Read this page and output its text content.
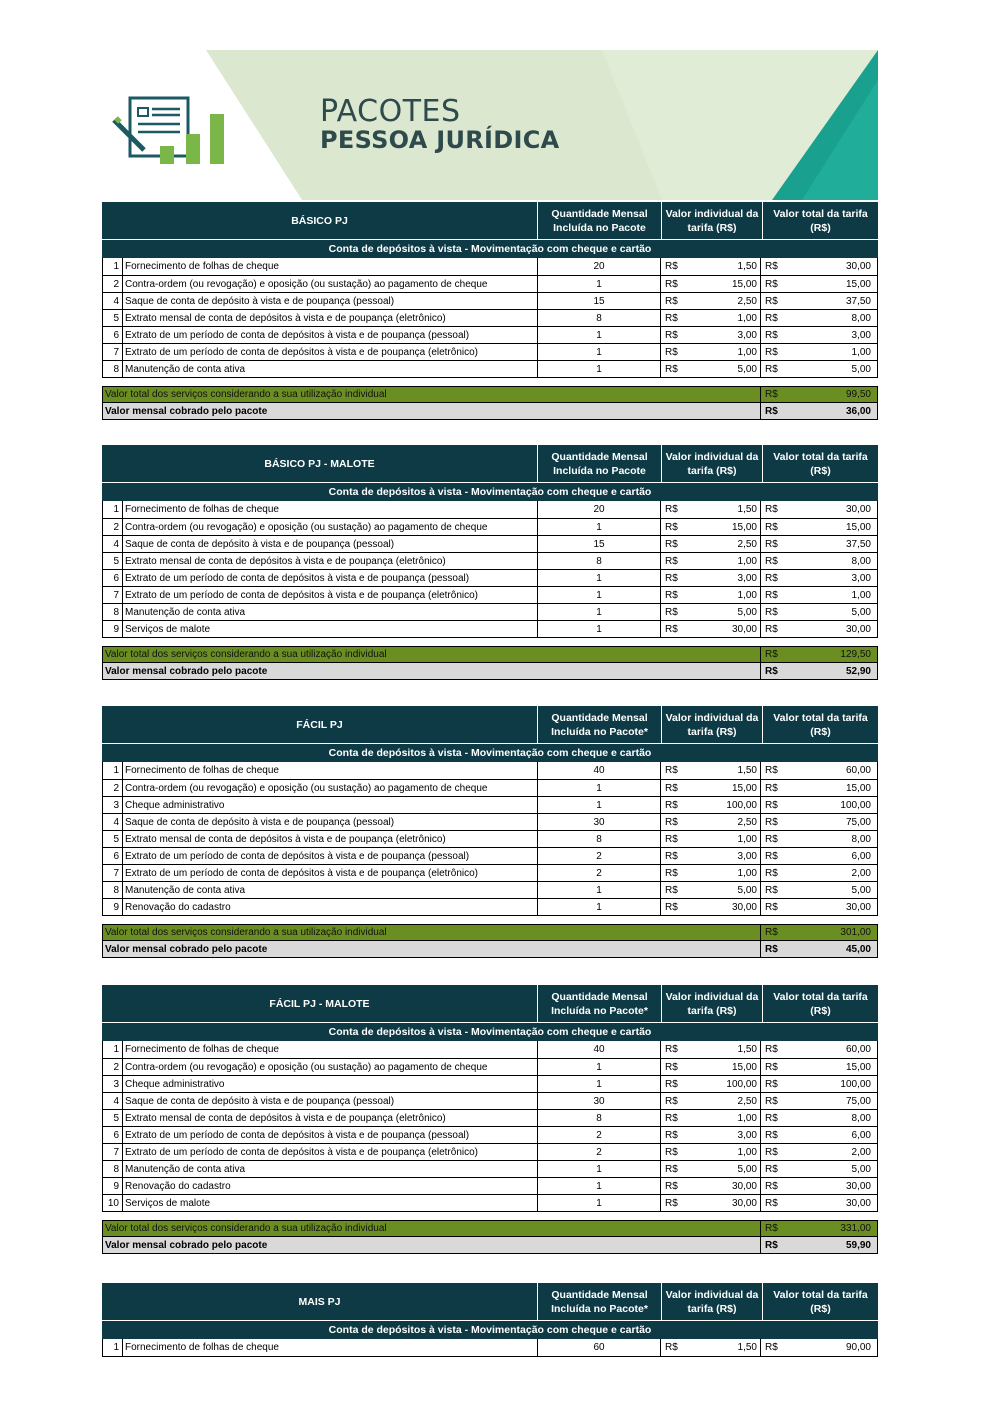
PACOTES
PESSOA JURÍDICA
BÁSICO PJ
Quantidade Mensal Incluída no Pacote
Valor individual da tarifa (R$)
Valor total da tarifa (R$)
Conta de depósitos à vista - Movimentação com cheque e cartão
1 Fornecimento de folhas de cheque	20	R$	1,50 R$	30,00
2 Contra-ordem (ou revogação) e oposição (ou sustação) ao pagamento de cheque	1	R$	15,00 R$	15,00
4 Saque de conta de depósito à vista e de poupança (pessoal)	15	R$	2,50 R$	37,50
5 Extrato mensal de conta de depósitos à vista e de poupança (eletrônico)	8	R$	1,00 R$	8,00
6 Extrato de um período de conta de depósitos à vista e de poupança (pessoal)	1	R$	3,00 R$	3,00
7 Extrato de um período de conta de depósitos à vista e de poupança (eletrônico)	1	R$	1,00 R$	1,00
8 Manutenção de conta ativa	1	R$	5,00 R$	5,00
Valor total dos serviços considerando a sua utilização individual	R$	99,50
Valor mensal cobrado pelo pacote	R$	36,00
BÁSICO PJ - MALOTE
Quantidade Mensal Incluída no Pacote
Valor individual da tarifa (R$)
Valor total da tarifa (R$)
Conta de depósitos à vista - Movimentação com cheque e cartão
1 Fornecimento de folhas de cheque	20	R$	1,50 R$	30,00
2 Contra-ordem (ou revogação) e oposição (ou sustação) ao pagamento de cheque	1	R$	15,00 R$	15,00
4 Saque de conta de depósito à vista e de poupança (pessoal)	15	R$	2,50 R$	37,50
5 Extrato mensal de conta de depósitos à vista e de poupança (eletrônico)	8	R$	1,00 R$	8,00
6 Extrato de um período de conta de depósitos à vista e de poupança (pessoal)	1	R$	3,00 R$	3,00
7 Extrato de um período de conta de depósitos à vista e de poupança (eletrônico)	1	R$	1,00 R$	1,00
8 Manutenção de conta ativa	1	R$	5,00 R$	5,00
9 Serviços de malote	1	R$	30,00 R$	30,00
Valor total dos serviços considerando a sua utilização individual	R$	129,50
Valor mensal cobrado pelo pacote	R$	52,90
FÁCIL PJ
Quantidade Mensal Incluída no Pacote*
Valor individual da tarifa (R$)
Valor total da tarifa (R$)
Conta de depósitos à vista - Movimentação com cheque e cartão
1 Fornecimento de folhas de cheque	40	R$	1,50 R$	60,00
2 Contra-ordem (ou revogação) e oposição (ou sustação) ao pagamento de cheque	1	R$	15,00 R$	15,00
3 Cheque administrativo	1	R$	100,00 R$	100,00
4 Saque de conta de depósito à vista e de poupança (pessoal)	30	R$	2,50 R$	75,00
5 Extrato mensal de conta de depósitos à vista e de poupança (eletrônico)	8	R$	1,00 R$	8,00
6 Extrato de um período de conta de depósitos à vista e de poupança (pessoal)	2	R$	3,00 R$	6,00
7 Extrato de um período de conta de depósitos à vista e de poupança (eletrônico)	2	R$	1,00 R$	2,00
8 Manutenção de conta ativa	1	R$	5,00 R$	5,00
9 Renovação do cadastro	1	R$	30,00 R$	30,00
Valor total dos serviços considerando a sua utilização individual	R$	301,00
Valor mensal cobrado pelo pacote	R$	45,00
FÁCIL PJ - MALOTE
Quantidade Mensal Incluída no Pacote*
Valor individual da tarifa (R$)
Valor total da tarifa (R$)
Conta de depósitos à vista - Movimentação com cheque e cartão
1 Fornecimento de folhas de cheque	40	R$	1,50 R$	60,00
2 Contra-ordem (ou revogação) e oposição (ou sustação) ao pagamento de cheque	1	R$	15,00 R$	15,00
3 Cheque administrativo	1	R$	100,00 R$	100,00
4 Saque de conta de depósito à vista e de poupança (pessoal)	30	R$	2,50 R$	75,00
5 Extrato mensal de conta de depósitos à vista e de poupança (eletrônico)	8	R$	1,00 R$	8,00
6 Extrato de um período de conta de depósitos à vista e de poupança (pessoal)	2	R$	3,00 R$	6,00
7 Extrato de um período de conta de depósitos à vista e de poupança (eletrônico)	2	R$	1,00 R$	2,00
8 Manutenção de conta ativa	1	R$	5,00 R$	5,00
9 Renovação do cadastro	1	R$	30,00 R$	30,00
10 Serviços de malote	1	R$	30,00 R$	30,00
Valor total dos serviços considerando a sua utilização individual	R$	331,00
Valor mensal cobrado pelo pacote	R$	59,90
MAIS PJ
Quantidade Mensal Incluída no Pacote*
Valor individual da tarifa (R$)
Valor total da tarifa (R$)
Conta de depósitos à vista - Movimentação com cheque e cartão
1 Fornecimento de folhas de cheque	60	R$	1,50 R$	90,00
